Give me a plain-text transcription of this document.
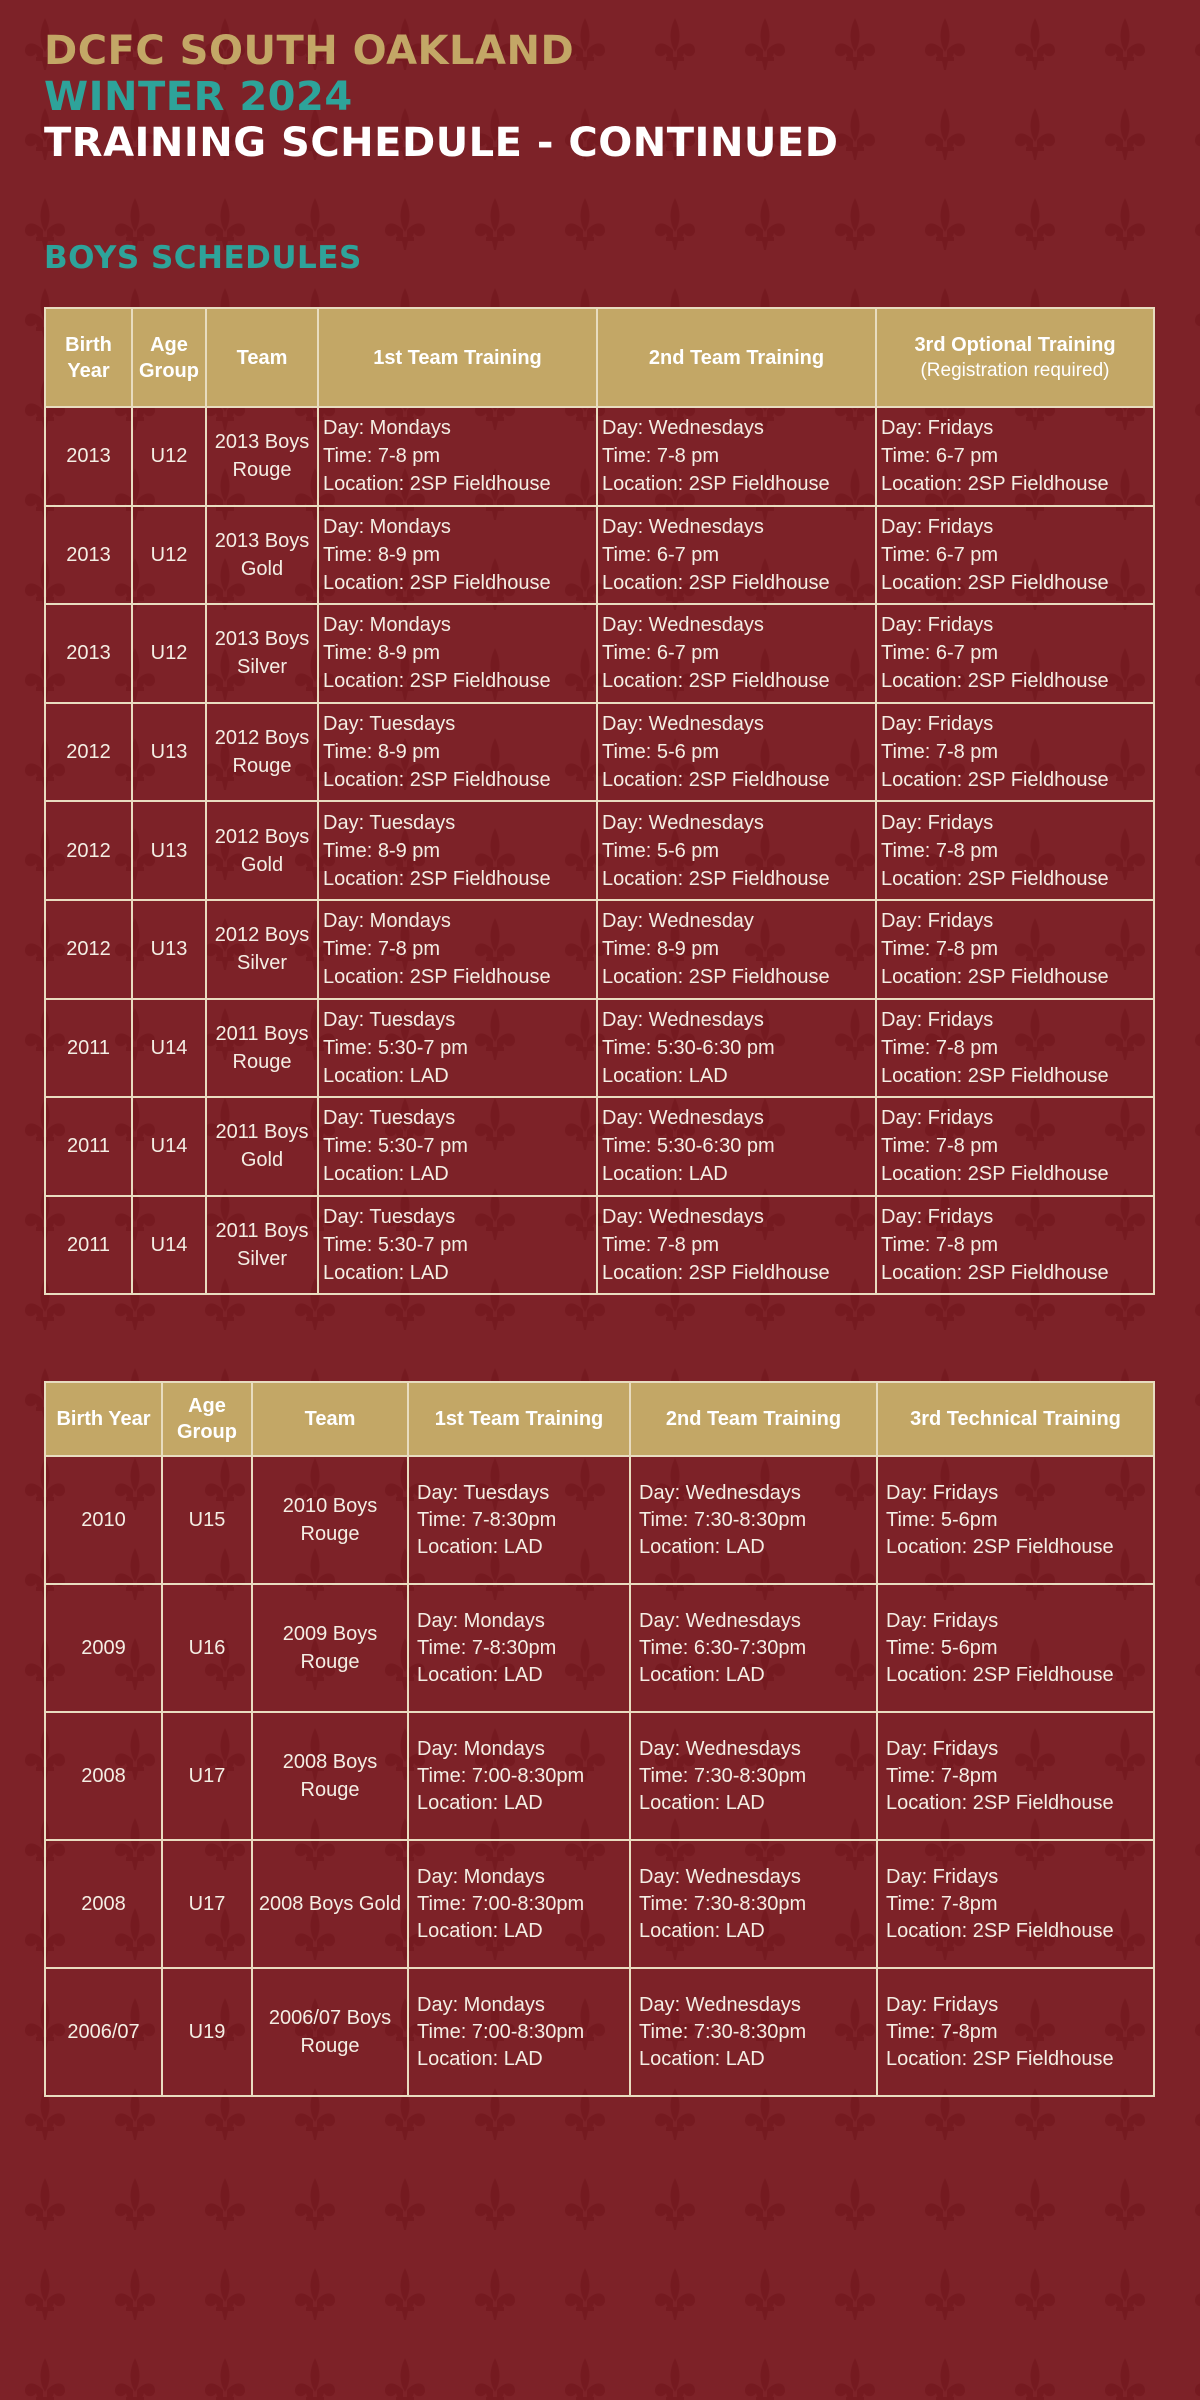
DCFC SOUTH OAKLAND
WINTER 2024
TRAINING SCHEDULE - CONTINUED
BOYS SCHEDULES
Birth Year	Age Group	Team	1st Team Training	2nd Team Training	3rd Optional Training
(Registration required)

2013	U12	2013 Boys Rouge	Day: Mondays
Time: 7-8 pm
Location: 2SP Fieldhouse	Day: Wednesdays
Time: 7-8 pm
Location: 2SP Fieldhouse	Day: Fridays
Time: 6-7 pm
Location: 2SP Fieldhouse

2013	U12	2013 Boys Gold	Day: Mondays
Time: 8-9 pm
Location: 2SP Fieldhouse	Day: Wednesdays
Time: 6-7 pm
Location: 2SP Fieldhouse	Day: Fridays
Time: 6-7 pm
Location: 2SP Fieldhouse

2013	U12	2013 Boys Silver	Day: Mondays
Time: 8-9 pm
Location: 2SP Fieldhouse	Day: Wednesdays
Time: 6-7 pm
Location: 2SP Fieldhouse	Day: Fridays
Time: 6-7 pm
Location: 2SP Fieldhouse

2012	U13	2012 Boys Rouge	Day: Tuesdays
Time: 8-9 pm
Location: 2SP Fieldhouse	Day: Wednesdays
Time: 5-6 pm
Location: 2SP Fieldhouse	Day: Fridays
Time: 7-8 pm
Location: 2SP Fieldhouse

2012	U13	2012 Boys Gold	Day: Tuesdays
Time: 8-9 pm
Location: 2SP Fieldhouse	Day: Wednesdays
Time: 5-6 pm
Location: 2SP Fieldhouse	Day: Fridays
Time: 7-8 pm
Location: 2SP Fieldhouse

2012	U13	2012 Boys Silver	Day: Mondays
Time: 7-8 pm
Location: 2SP Fieldhouse	Day: Wednesday
Time: 8-9 pm
Location: 2SP Fieldhouse	Day: Fridays
Time: 7-8 pm
Location: 2SP Fieldhouse

2011	U14	2011 Boys Rouge	Day: Tuesdays
Time: 5:30-7 pm
Location: LAD	Day: Wednesdays
Time: 5:30-6:30 pm
Location: LAD	Day: Fridays
Time: 7-8 pm
Location: 2SP Fieldhouse

2011	U14	2011 Boys Gold	Day: Tuesdays
Time: 5:30-7 pm
Location: LAD	Day: Wednesdays
Time: 5:30-6:30 pm
Location: LAD	Day: Fridays
Time: 7-8 pm
Location: 2SP Fieldhouse

2011	U14	2011 Boys Silver	Day: Tuesdays
Time: 5:30-7 pm
Location: LAD	Day: Wednesdays
Time: 7-8 pm
Location: 2SP Fieldhouse	Day: Fridays
Time: 7-8 pm
Location: 2SP Fieldhouse
Birth Year	Age Group	Team	1st Team Training	2nd Team Training	3rd Technical Training
2010	U15	2010 Boys Rouge	Day: Tuesdays
Time: 7-8:30pm
Location: LAD	Day: Wednesdays
Time: 7:30-8:30pm
Location: LAD	Day: Fridays
Time: 5-6pm
Location: 2SP Fieldhouse

2009	U16	2009 Boys Rouge	Day: Mondays
Time: 7-8:30pm
Location: LAD	Day: Wednesdays
Time: 6:30-7:30pm
Location: LAD	Day: Fridays
Time: 5-6pm
Location: 2SP Fieldhouse

2008	U17	2008 Boys Rouge	Day: Mondays
Time: 7:00-8:30pm
Location: LAD	Day: Wednesdays
Time: 7:30-8:30pm
Location: LAD	Day: Fridays
Time: 7-8pm
Location: 2SP Fieldhouse

2008	U17	2008 Boys Gold	Day: Mondays
Time: 7:00-8:30pm
Location: LAD	Day: Wednesdays
Time: 7:30-8:30pm
Location: LAD	Day: Fridays
Time: 7-8pm
Location: 2SP Fieldhouse

2006/07	U19	2006/07 Boys Rouge	Day: Mondays
Time: 7:00-8:30pm
Location: LAD	Day: Wednesdays
Time: 7:30-8:30pm
Location: LAD	Day: Fridays
Time: 7-8pm
Location: 2SP Fieldhouse
